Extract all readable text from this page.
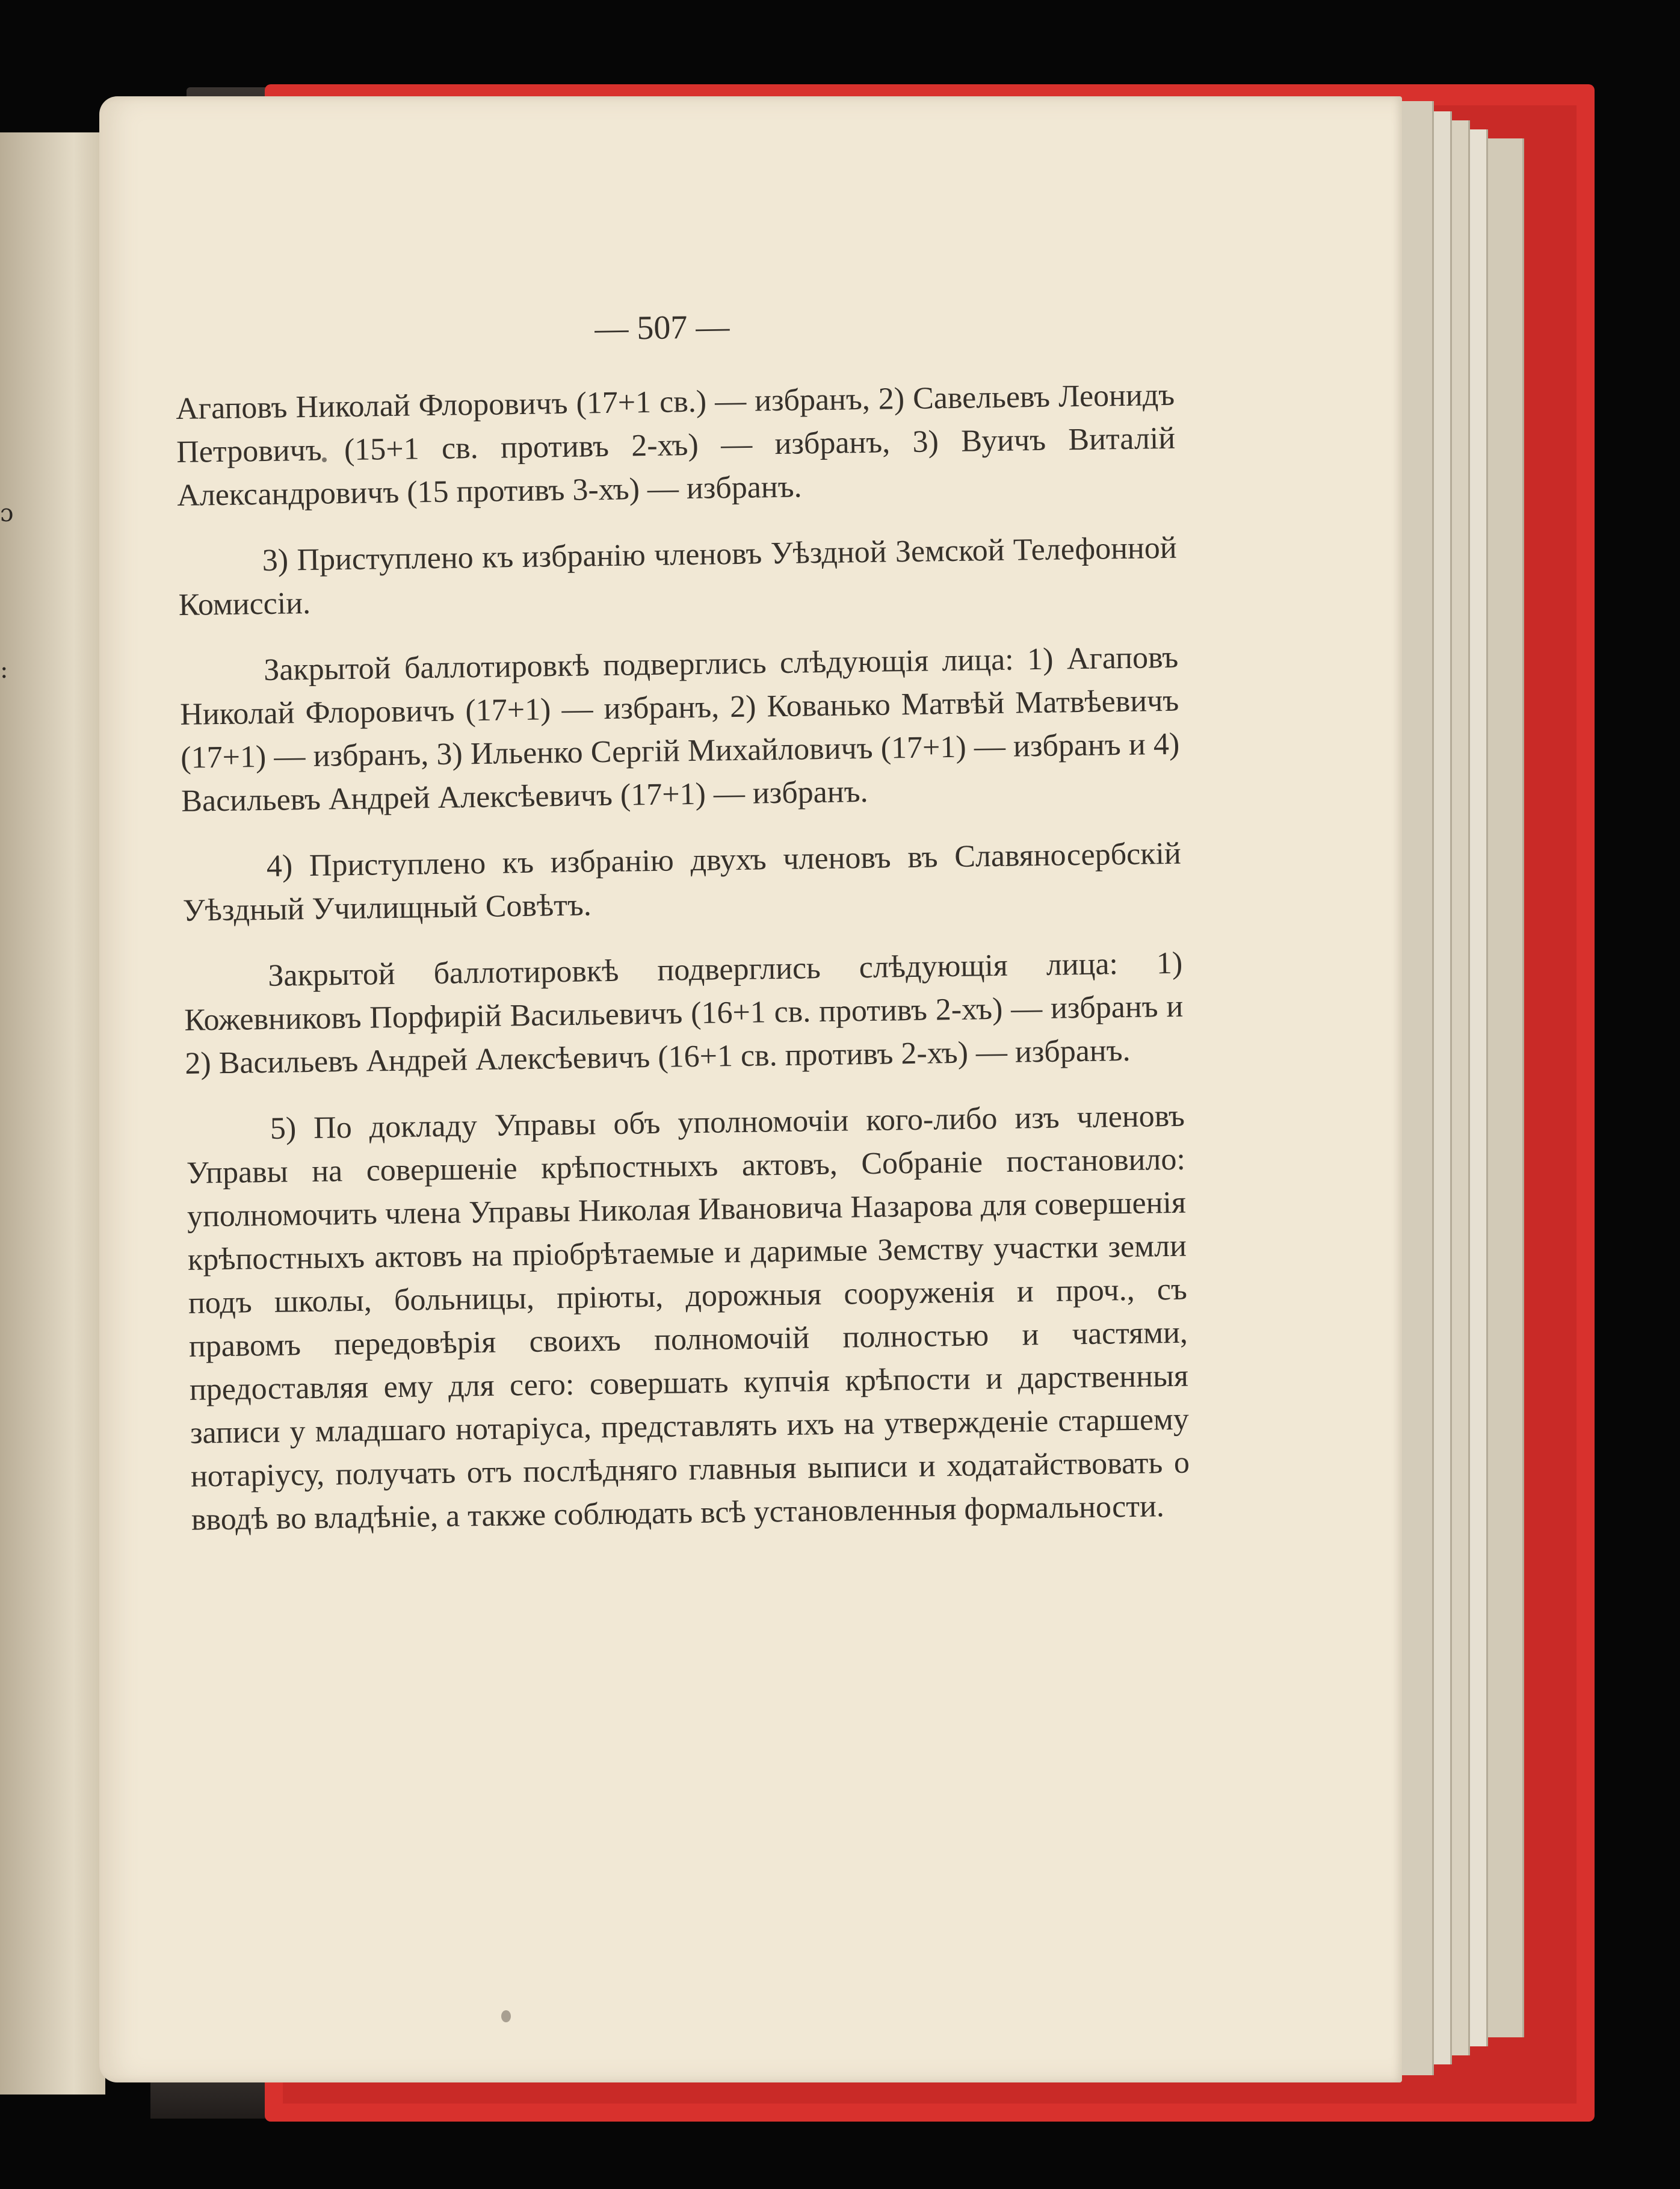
ɔ
:

— 507 —

Агаповъ Николай Флоровичъ (17+1 св.) — избранъ, 2) Савельевъ Леонидъ Петровичъ (15+1 св. противъ 2-хъ) — избранъ, 3) Вуичъ Виталій Александровичъ (15 противъ 3-хъ) — избранъ.

3) Приступлено къ избранію членовъ Уѣздной Земской Телефонной Комиссіи.

Закрытой баллотировкѣ подверглись слѣдующія лица: 1) Агаповъ Николай Флоровичъ (17+1) — избранъ, 2) Кованько Матвѣй Матвѣевичъ (17+1) — избранъ, 3) Ильенко Сергій Михайловичъ (17+1) — избранъ и 4) Васильевъ Андрей Алексѣевичъ (17+1) — избранъ.

4) Приступлено къ избранію двухъ членовъ въ Славяносербскій Уѣздный Училищный Совѣтъ.

Закрытой баллотировкѣ подверглись слѣдующія лица: 1) Кожевниковъ Порфирій Васильевичъ (16+1 св. противъ 2-хъ) — избранъ и 2) Васильевъ Андрей Алексѣевичъ (16+1 св. противъ 2-хъ) — избранъ.

5) По докладу Управы объ уполномочіи кого-либо изъ членовъ Управы на совершеніе крѣпостныхъ актовъ, Собраніе постановило: уполномочить члена Управы Николая Ивановича Назарова для совершенія крѣпостныхъ актовъ на пріобрѣтаемые и даримые Земству участки земли подъ школы, больницы, пріюты, дорожныя сооруженія и проч., съ правомъ передовѣрія своихъ полномочій полностью и частями, предоставляя ему для сего: совершать купчія крѣпости и дарственныя записи у младшаго нотаріуса, представлять ихъ на утвержденіе старшему нотаріусу, получать отъ послѣдняго главныя выписи и ходатайствовать о вводѣ во владѣніе, а также соблюдать всѣ установленныя формальности.
